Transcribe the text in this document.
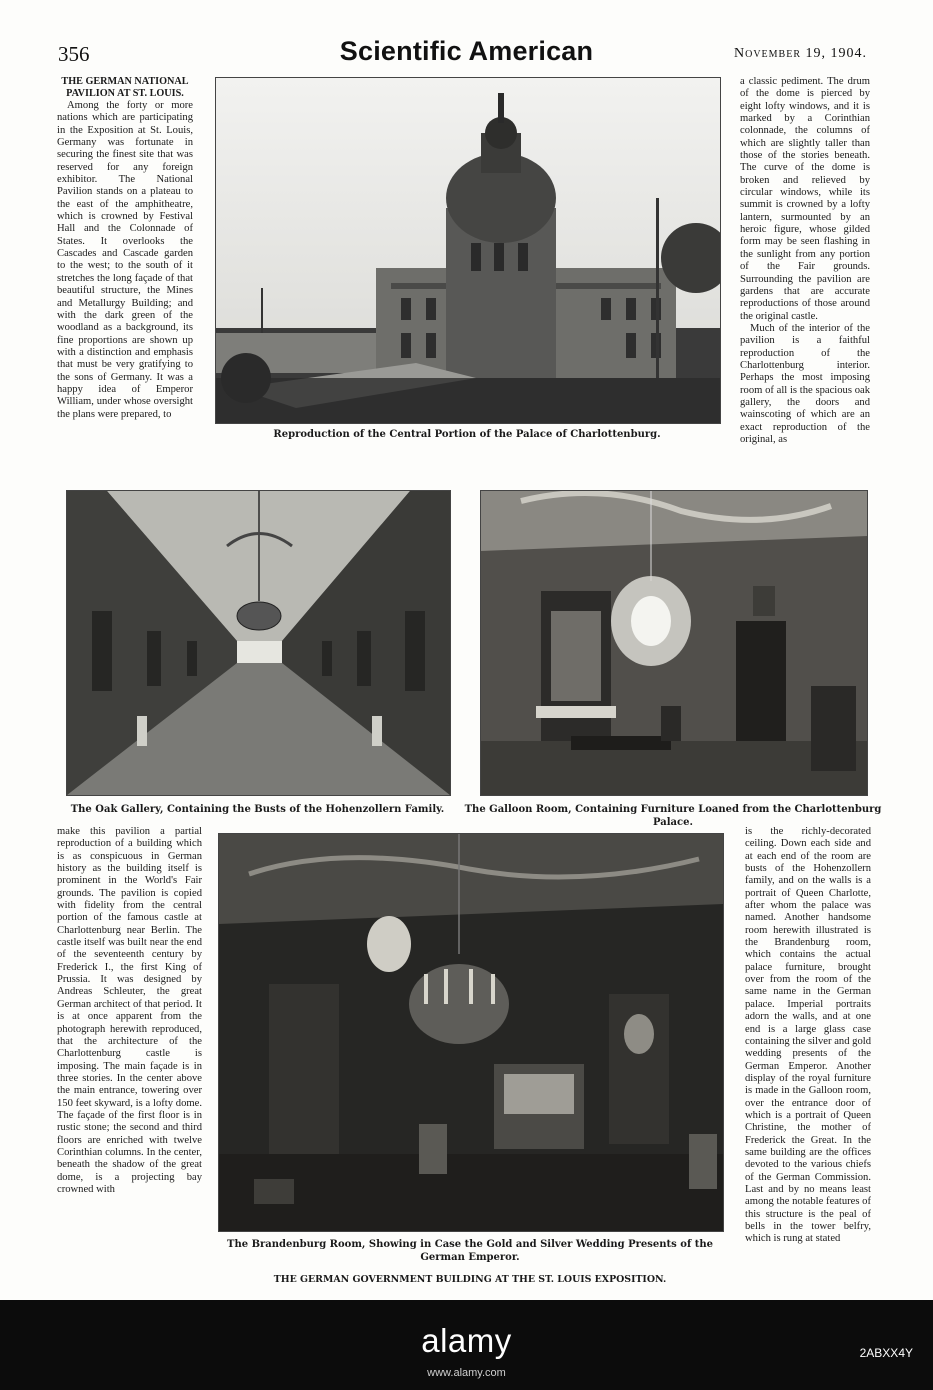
356	Scientific American	November 19, 1904.

THE GERMAN NATIONAL PAVILION AT ST. LOUIS.

Among the forty or more nations which are participating in the Exposition at St. Louis, Germany was fortunate in securing the finest site that was reserved for any foreign exhibitor. The National Pavilion stands on a plateau to the east of the amphitheatre, which is crowned by Festival Hall and the Colonnade of States. It overlooks the Cascades and Cascade garden to the west; to the south of it stretches the long façade of that beautiful structure, the Mines and Metallurgy Building; and with the dark green of the woodland as a background, its fine proportions are shown up with a distinction and emphasis that must be very gratifying to the sons of Germany. It was a happy idea of Emperor William, under whose oversight the plans were prepared, to

Reproduction of the Central Portion of the Palace of Charlottenburg.

a classic pediment. The drum of the dome is pierced by eight lofty windows, and it is marked by a Corinthian colonnade, the columns of which are slightly taller than those of the stories beneath. The curve of the dome is broken and relieved by circular windows, while its summit is crowned by a lofty lantern, surmounted by an heroic figure, whose gilded form may be seen flashing in the sunlight from any portion of the Fair grounds. Surrounding the pavilion are gardens that are accurate reproductions of those around the original castle.

Much of the interior of the pavilion is a faithful reproduction of the Charlottenburg interior. Perhaps the most imposing room of all is the spacious oak gallery, the doors and wainscoting of which are an exact reproduction of the original, as

The Oak Gallery, Containing the Busts of the Hohenzollern Family.	The Galloon Room, Containing Furniture Loaned from the Charlottenburg Palace.

make this pavilion a partial reproduction of a building which is as conspicuous in German history as the building itself is prominent in the World's Fair grounds. The pavilion is copied with fidelity from the central portion of the famous castle at Charlottenburg near Berlin. The castle itself was built near the end of the seventeenth century by Frederick I., the first King of Prussia. It was designed by Andreas Schleuter, the great German architect of that period. It is at once apparent from the photograph herewith reproduced, that the architecture of the Charlottenburg castle is imposing. The main façade is in three stories. In the center above the main entrance, towering over 150 feet skyward, is a lofty dome. The façade of the first floor is in rustic stone; the second and third floors are enriched with twelve Corinthian columns. In the center, beneath the shadow of the great dome, is a projecting bay crowned with

The Brandenburg Room, Showing in Case the Gold and Silver Wedding Presents of the
German Emperor.
THE GERMAN GOVERNMENT BUILDING AT THE ST. LOUIS EXPOSITION.

is the richly-decorated ceiling. Down each side and at each end of the room are busts of the Hohenzollern family, and on the walls is a portrait of Queen Charlotte, after whom the palace was named. Another handsome room herewith illustrated is the Brandenburg room, which contains the actual palace furniture, brought over from the room of the same name in the German palace. Imperial portraits adorn the walls, and at one end is a large glass case containing the silver and gold wedding presents of the German Emperor. Another display of the royal furniture is made in the Galloon room, over the entrance door of which is a portrait of Queen Christine, the mother of Frederick the Great. In the same building are the offices devoted to the various chiefs of the German Commission. Last and by no means least among the notable features of this structure is the peal of bells in the tower belfry, which is rung at stated

alamy	2ABXX4Y
www.alamy.com
